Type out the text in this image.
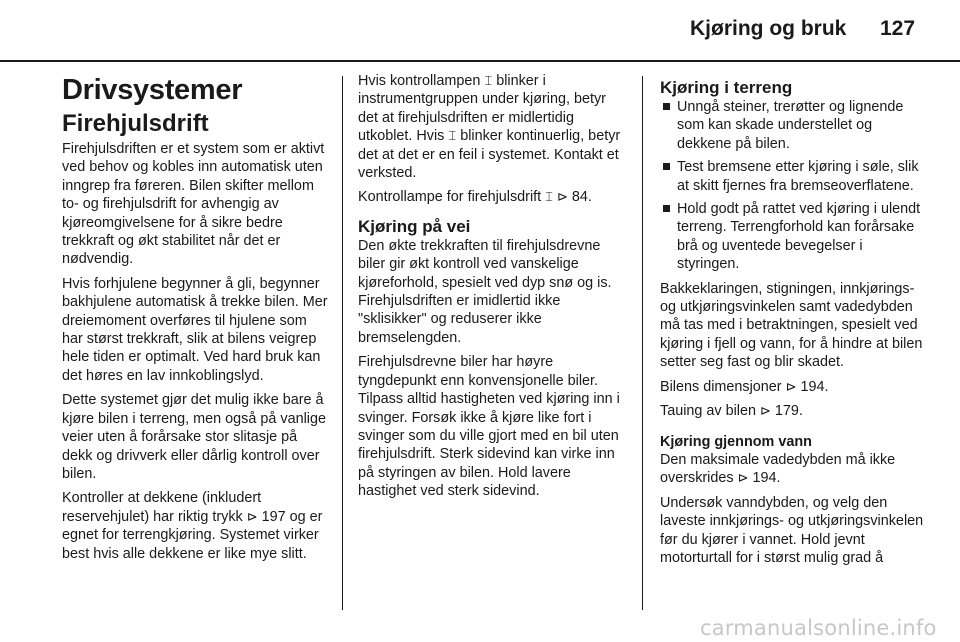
Kjøring og bruk 127
Drivsystemer
Firehjulsdrift

Firehjulsdriften er et system som er aktivt ved behov og kobles inn automatisk uten inngrep fra føreren. Bilen skifter mellom to- og firehjulsdrift for avhengig av kjøreomgivelsene for å sikre bedre trekkraft og økt stabilitet når det er nødvendig.

Hvis forhjulene begynner å gli, begynner bakhjulene automatisk å trekke bilen. Mer dreiemoment overføres til hjulene som har størst trekkraft, slik at bilens veigrep hele tiden er optimalt. Ved hard bruk kan det høres en lav innkoblingslyd.

Dette systemet gjør det mulig ikke bare å kjøre bilen i terreng, men også på vanlige veier uten å forårsake stor slitasje på dekk og drivverk eller dårlig kontroll over bilen.

Kontroller at dekkene (inkludert reservehjulet) har riktig trykk ⊳ 197 og er egnet for terrengkjøring. Systemet virker best hvis alle dekkene er like mye slitt.

Hvis kontrollampen ⌶ blinker i instrumentgruppen under kjøring, betyr det at firehjulsdriften er midlertidig utkoblet. Hvis ⌶ blinker kontinuerlig, betyr det at det er en feil i systemet. Kontakt et verksted.

Kontrollampe for firehjulsdrift ⌶ ⊳ 84.

Kjøring på vei

Den økte trekkraften til firehjulsdrevne biler gir økt kontroll ved vanskelige kjøreforhold, spesielt ved dyp snø og is. Firehjulsdriften er imidlertid ikke "sklisikker" og reduserer ikke bremselengden.

Firehjulsdrevne biler har høyre tyngdepunkt enn konvensjonelle biler. Tilpass alltid hastigheten ved kjøring inn i svinger. Forsøk ikke å kjøre like fort i svinger som du ville gjort med en bil uten firehjulsdrift. Sterk sidevind kan virke inn på styringen av bilen. Hold lavere hastighet ved sterk sidevind.

Kjøring i terreng
Unngå steiner, trerøtter og lignende som kan skade understellet og dekkene på bilen.
Test bremsene etter kjøring i søle, slik at skitt fjernes fra bremseoverflatene.
Hold godt på rattet ved kjøring i ulendt terreng. Terrengforhold kan forårsake brå og uventede bevegelser i styringen.

Bakkeklaringen, stigningen, innkjørings- og utkjøringsvinkelen samt vadedybden må tas med i betraktningen, spesielt ved kjøring i fjell og vann, for å hindre at bilen setter seg fast og blir skadet.

Bilens dimensjoner ⊳ 194.

Tauing av bilen ⊳ 179.

Kjøring gjennom vann

Den maksimale vadedybden må ikke overskrides ⊳ 194.

Undersøk vanndybden, og velg den laveste innkjørings- og utkjøringsvinkelen før du kjører i vannet. Hold jevnt motorturtall for i størst mulig grad å

carmanualsonline.info
